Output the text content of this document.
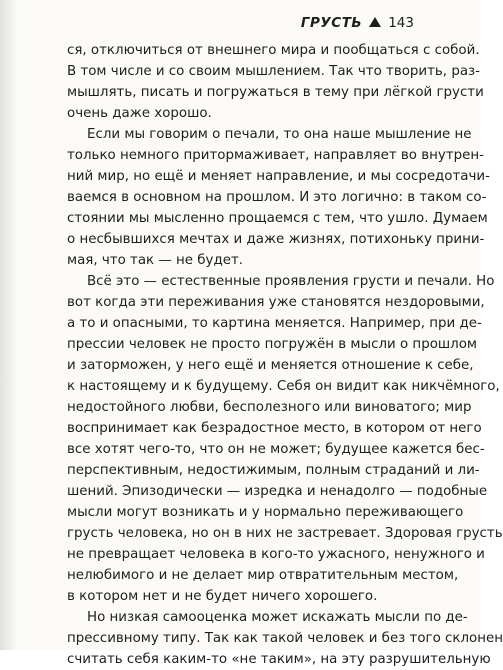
ГРУСТЬ 143

ся, отключиться от внешнего мира и пообщаться с собой.
В том числе и со своим мышлением. Так что творить, раз-
мышлять, писать и погружаться в тему при лёгкой грусти
очень даже хорошо.

Если мы говорим о печали, то она наше мышление не
только немного притормаживает, направляет во внутрен-
ний мир, но ещё и меняет направление, и мы сосредотачи-
ваемся в основном на прошлом. И это логично: в таком со-
стоянии мы мысленно прощаемся с тем, что ушло. Думаем
о несбывшихся мечтах и даже жизнях, потихоньку прини-
мая, что так — не будет.

Всё это — естественные проявления грусти и печали. Но
вот когда эти переживания уже становятся нездоровыми,
а то и опасными, то картина меняется. Например, при де-
прессии человек не просто погружён в мысли о прошлом
и заторможен, у него ещё и меняется отношение к себе,
к настоящему и к будущему. Себя он видит как никчёмного,
недостойного любви, бесполезного или виноватого; мир
воспринимает как безрадостное место, в котором от него
все хотят чего-то, что он не может; будущее кажется бес-
перспективным, недостижимым, полным страданий и ли-
шений. Эпизодически — изредка и ненадолго — подобные
мысли могут возникать и у нормально переживающего
грусть человека, но он в них не застревает. Здоровая грусть
не превращает человека в кого-то ужасного, ненужного и
нелюбимого и не делает мир отвратительным местом,
в котором нет и не будет ничего хорошего.

Но низкая самооценка может искажать мысли по де-
прессивному типу. Так как такой человек и без того склонен
считать себя каким-то «не таким», на эту разрушительную
